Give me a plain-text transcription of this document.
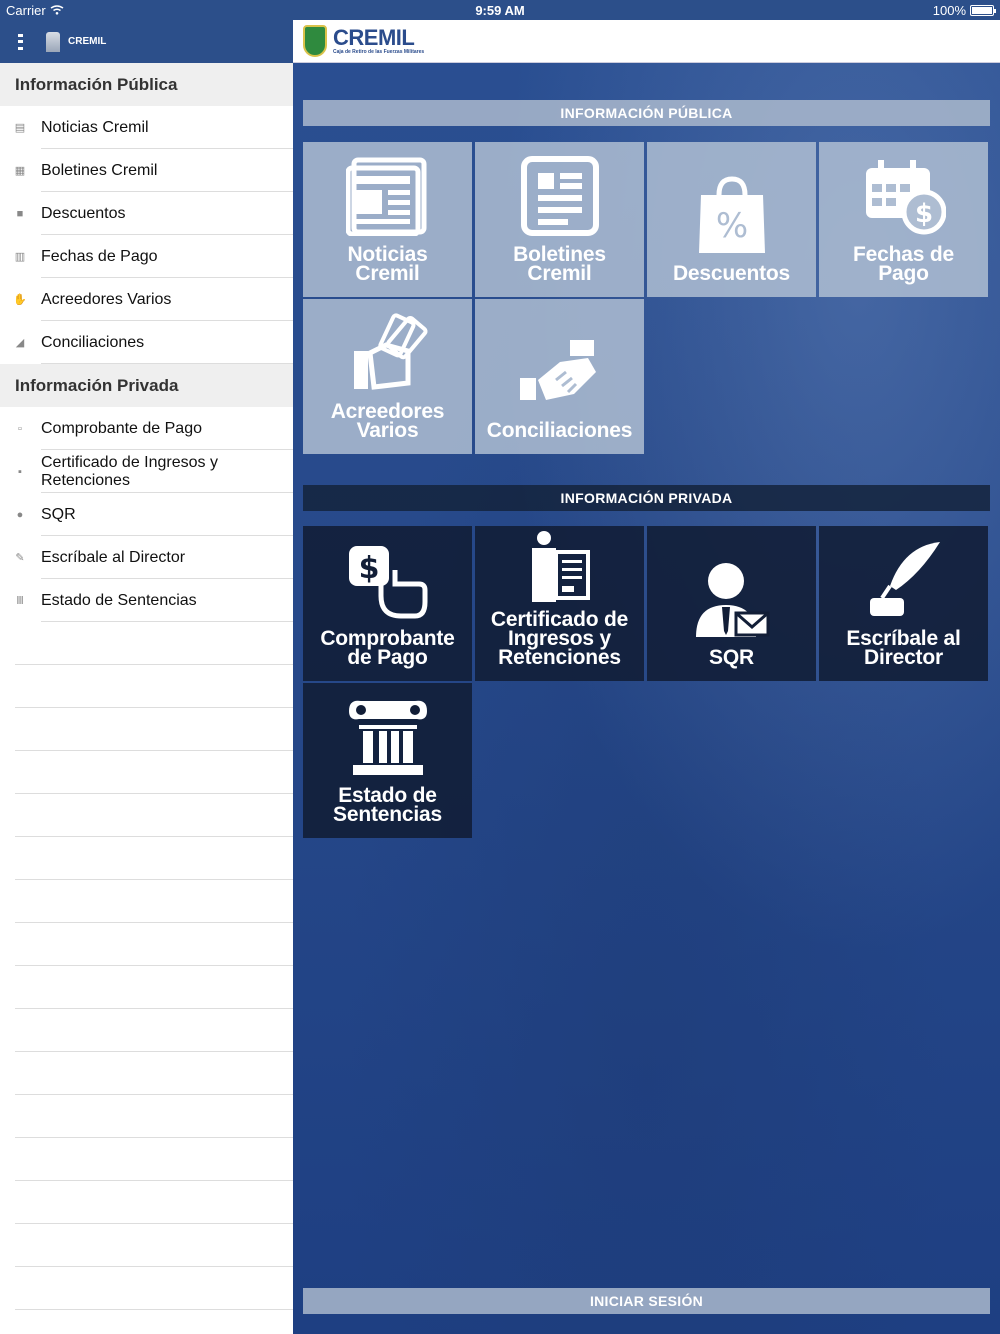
Carrier	9:59 AM	100%
CREMIL
Información Pública
▤ Noticias Cremil
▦ Boletines Cremil
■	Descuentos
▥ Fechas de Pago
✋ Acreedores Varios
◢	Conciliaciones
Información Privada
▫	Comprobante de Pago
▪
Certificado de Ingresos y Retenciones
●	SQR
✎	Escríbale al Director
Ⅲ	Estado de Sentencias
CREMIL
Caja de Retiro de las Fuerzas Militares
INFORMACIÓN PÚBLICA
Noticias Cremil
Boletines Cremil
%
Descuentos
$
Fechas de Pago
Acreedores Varios	Conciliaciones
INFORMACIÓN PRIVADA
$
Comprobante de Pago
Certificado de Ingresos y Retenciones	SQR
Escríbale al Director
Estado de Sentencias
INICIAR SESIÓN
